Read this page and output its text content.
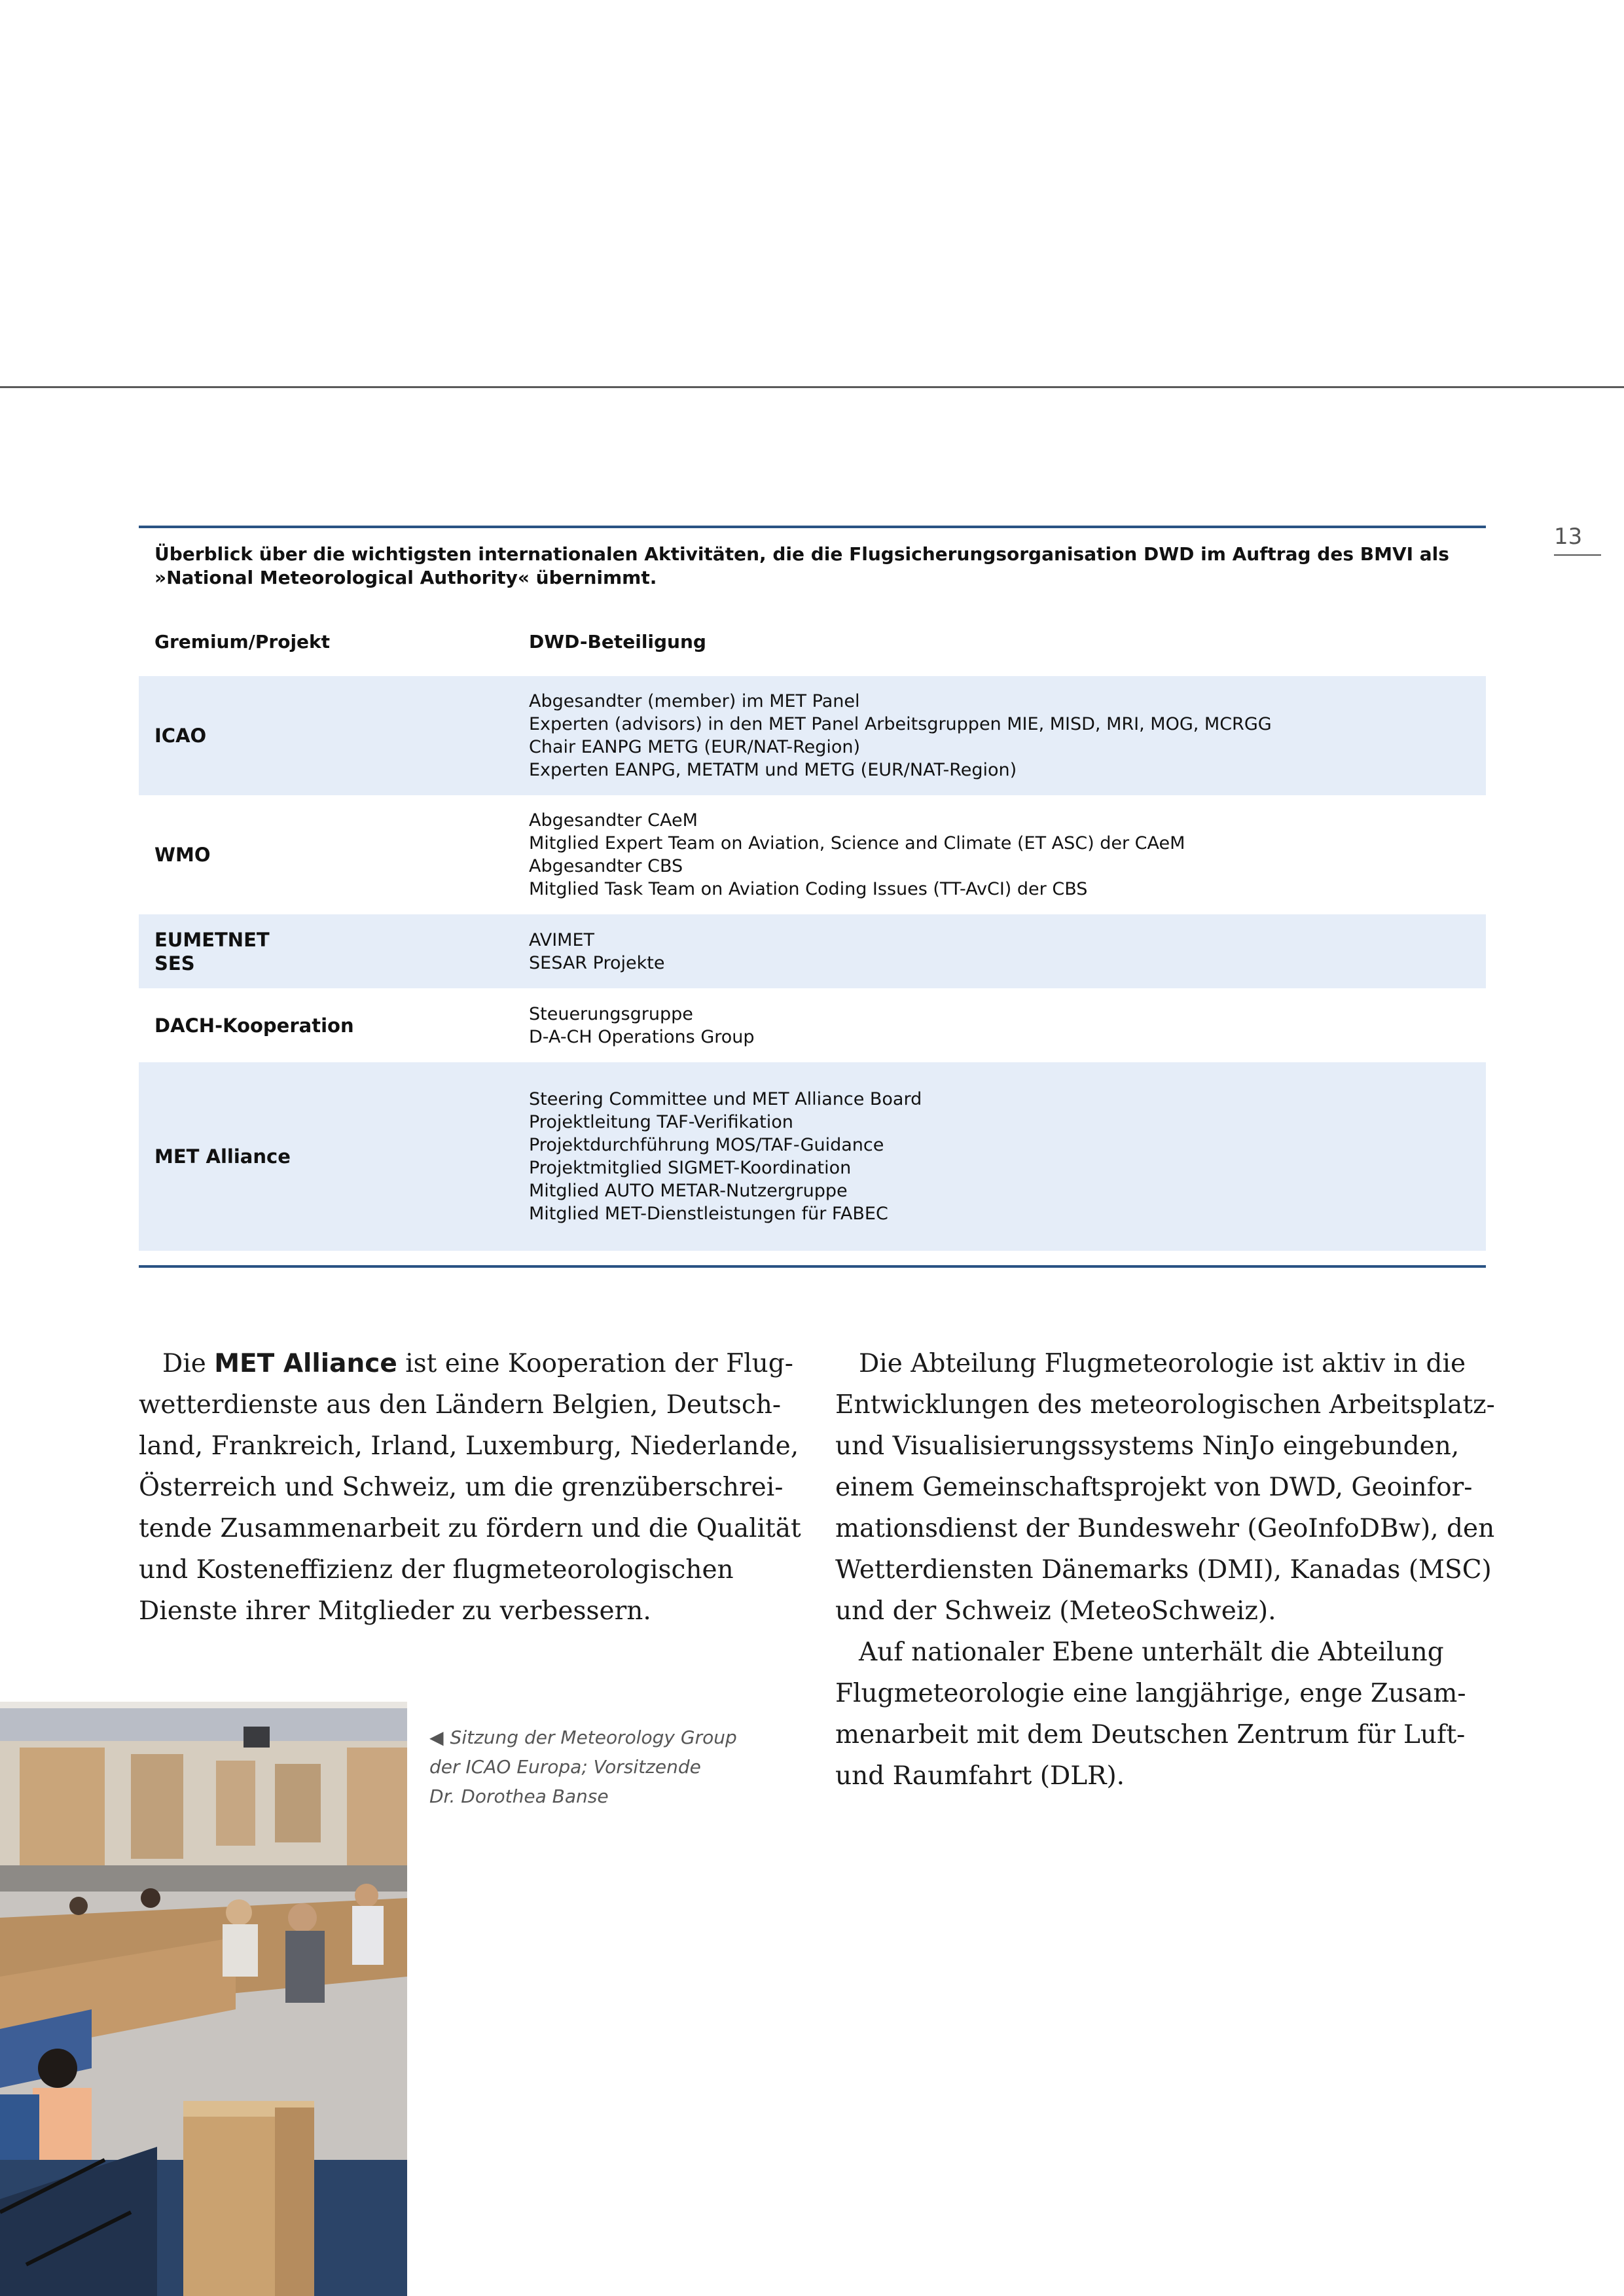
13
Überblick über die wichtigsten internationalen Aktivitäten, die die Flugsicherungsorganisation DWD im Auftrag des BMVI als
»National Meteorological Authority« übernimmt.
Gremium/Projekt	DWD-Beteiligung
ICAO
Abgesandter (member) im MET Panel
Experten (advisors) in den MET Panel Arbeitsgruppen MIE, MISD, MRI, MOG, MCRGG
Chair EANPG METG (EUR/NAT-Region)
Experten EANPG, METATM und METG (EUR/NAT-Region)
WMO
Abgesandter CAeM
Mitglied Expert Team on Aviation, Science and Climate (ET ASC) der CAeM
Abgesandter CBS
Mitglied Task Team on Aviation Coding Issues (TT-AvCI) der CBS
EUMETNET
SES
AVIMET
SESAR Projekte
DACH-Kooperation
Steuerungsgruppe
D-A-CH Operations Group
MET Alliance
Steering Committee und MET Alliance Board
Projektleitung TAF-Verifikation
Projektdurchführung MOS/TAF-Guidance
Projektmitglied SIGMET-Koordination
Mitglied AUTO METAR-Nutzergruppe
Mitglied MET-Dienstleistungen für FABEC
Die MET Alliance ist eine Kooperation der Flug-
wetterdienste aus den Ländern Belgien, Deutsch-
land, Frankreich, Irland, Luxemburg, Niederlande,
Österreich und Schweiz, um die grenzüberschrei-
tende Zusammenarbeit zu fördern und die Qualität
und Kosteneffizienz der flugmeteorologischen
Dienste ihrer Mitglieder zu verbessern.
Die Abteilung Flugmeteorologie ist aktiv in die
Entwicklungen des meteorologischen Arbeitsplatz-
und Visualisierungssystems NinJo eingebunden,
einem Gemeinschaftsprojekt von DWD, Geoinfor-
mationsdienst der Bundeswehr (GeoInfoDBw), den
Wetterdiensten Dänemarks (DMI), Kanadas (MSC)
und der Schweiz (MeteoSchweiz).
Auf nationaler Ebene unterhält die Abteilung
Flugmeteorologie eine langjährige, enge Zusam-
menarbeit mit dem Deutschen Zentrum für Luft-
und Raumfahrt (DLR).
◀ Sitzung der Meteorology Group
der ICAO Europa; Vorsitzende
Dr. Dorothea Banse
